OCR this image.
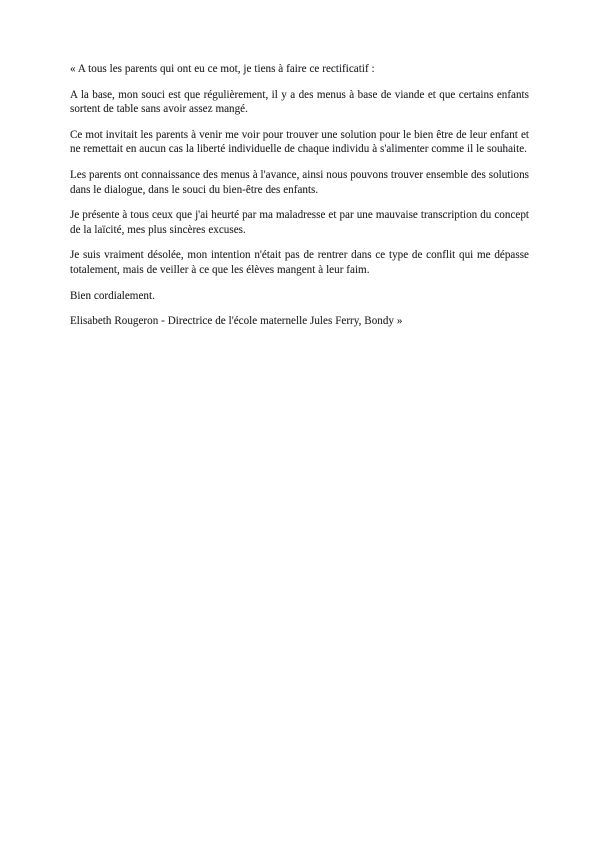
« A tous les parents qui ont eu ce mot, je tiens à faire ce rectificatif :

A la base, mon souci est que régulièrement, il y a des menus à base de viande et que certains enfants sortent de table sans avoir assez mangé.

Ce mot invitait les parents à venir me voir pour trouver une solution pour le bien être de leur enfant et ne remettait en aucun cas la liberté individuelle de chaque individu à s'alimenter comme il le souhaite.

Les parents ont connaissance des menus à l'avance, ainsi nous pouvons trouver ensemble des solutions dans le dialogue, dans le souci du bien-être des enfants.

Je présente à tous ceux que j'ai heurté par ma maladresse et par une mauvaise transcription du concept de la laïcité, mes plus sincères excuses.

Je suis vraiment désolée, mon intention n'était pas de rentrer dans ce type de conflit qui me dépasse totalement, mais de veiller à ce que les élèves mangent à leur faim.

Bien cordialement.

Elisabeth Rougeron - Directrice de l'école maternelle Jules Ferry, Bondy »
